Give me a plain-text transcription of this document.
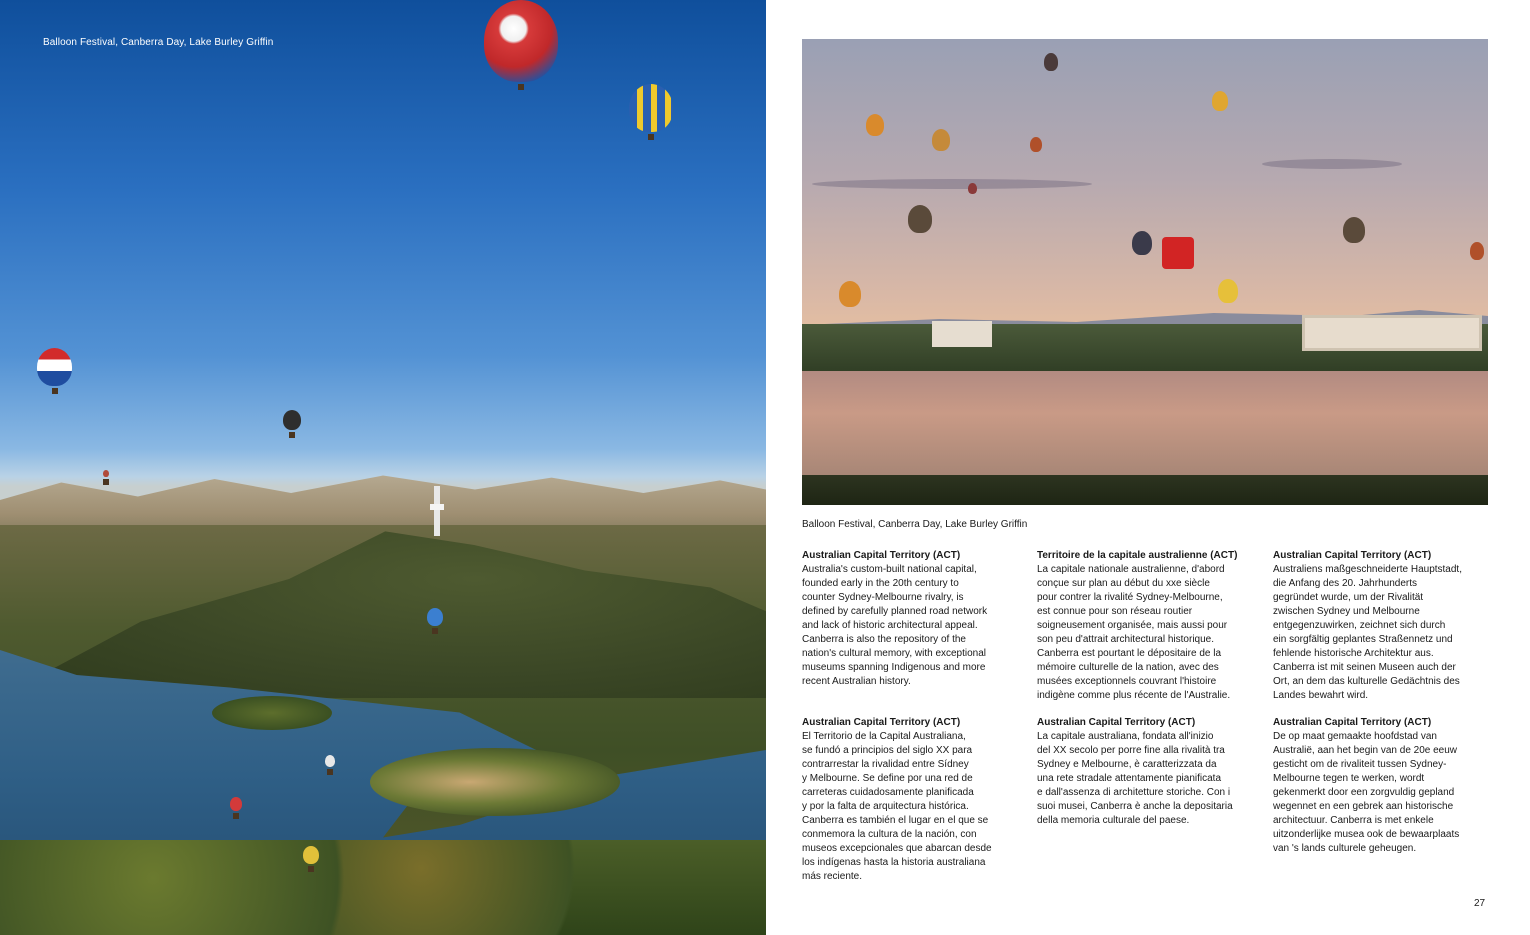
Balloon Festival, Canberra Day, Lake Burley Griffin
Balloon Festival, Canberra Day, Lake Burley Griffin
Australian Capital Territory (ACT)

Australia's custom-built national capital,
founded early in the 20th century to
counter Sydney-Melbourne rivalry, is
defined by carefully planned road network
and lack of historic architectural appeal.
Canberra is also the repository of the
nation's cultural memory, with exceptional
museums spanning Indigenous and more
recent Australian history.

Territoire de la capitale australienne (ACT)

La capitale nationale australienne, d'abord
conçue sur plan au début du xxe siècle
pour contrer la rivalité Sydney-Melbourne,
est connue pour son réseau routier
soigneusement organisée, mais aussi pour
son peu d'attrait architectural historique.
Canberra est pourtant le dépositaire de la
mémoire culturelle de la nation, avec des
musées exceptionnels couvrant l'histoire
indigène comme plus récente de l'Australie.

Australian Capital Territory (ACT)

Australiens maßgeschneiderte Hauptstadt,
die Anfang des 20. Jahrhunderts
gegründet wurde, um der Rivalität
zwischen Sydney und Melbourne
entgegenzuwirken, zeichnet sich durch
ein sorgfältig geplantes Straßennetz und
fehlende historische Architektur aus.
Canberra ist mit seinen Museen auch der
Ort, an dem das kulturelle Gedächtnis des
Landes bewahrt wird.

Australian Capital Territory (ACT)

El Territorio de la Capital Australiana,
se fundó a principios del siglo XX para
contrarrestar la rivalidad entre Sídney
y Melbourne. Se define por una red de
carreteras cuidadosamente planificada
y por la falta de arquitectura histórica.
Canberra es también el lugar en el que se
conmemora la cultura de la nación, con
museos excepcionales que abarcan desde
los indígenas hasta la historia australiana
más reciente.

Australian Capital Territory (ACT)

La capitale australiana, fondata all'inizio
del XX secolo per porre fine alla rivalità tra
Sydney e Melbourne, è caratterizzata da
una rete stradale attentamente pianificata
e dall'assenza di architetture storiche. Con i
suoi musei, Canberra è anche la depositaria
della memoria culturale del paese.

Australian Capital Territory (ACT)

De op maat gemaakte hoofdstad van
Australië, aan het begin van de 20e eeuw
gesticht om de rivaliteit tussen Sydney-
Melbourne tegen te werken, wordt
gekenmerkt door een zorgvuldig gepland
wegennet en een gebrek aan historische
architectuur. Canberra is met enkele
uitzonderlijke musea ook de bewaarplaats
van 's lands culturele geheugen.

27
